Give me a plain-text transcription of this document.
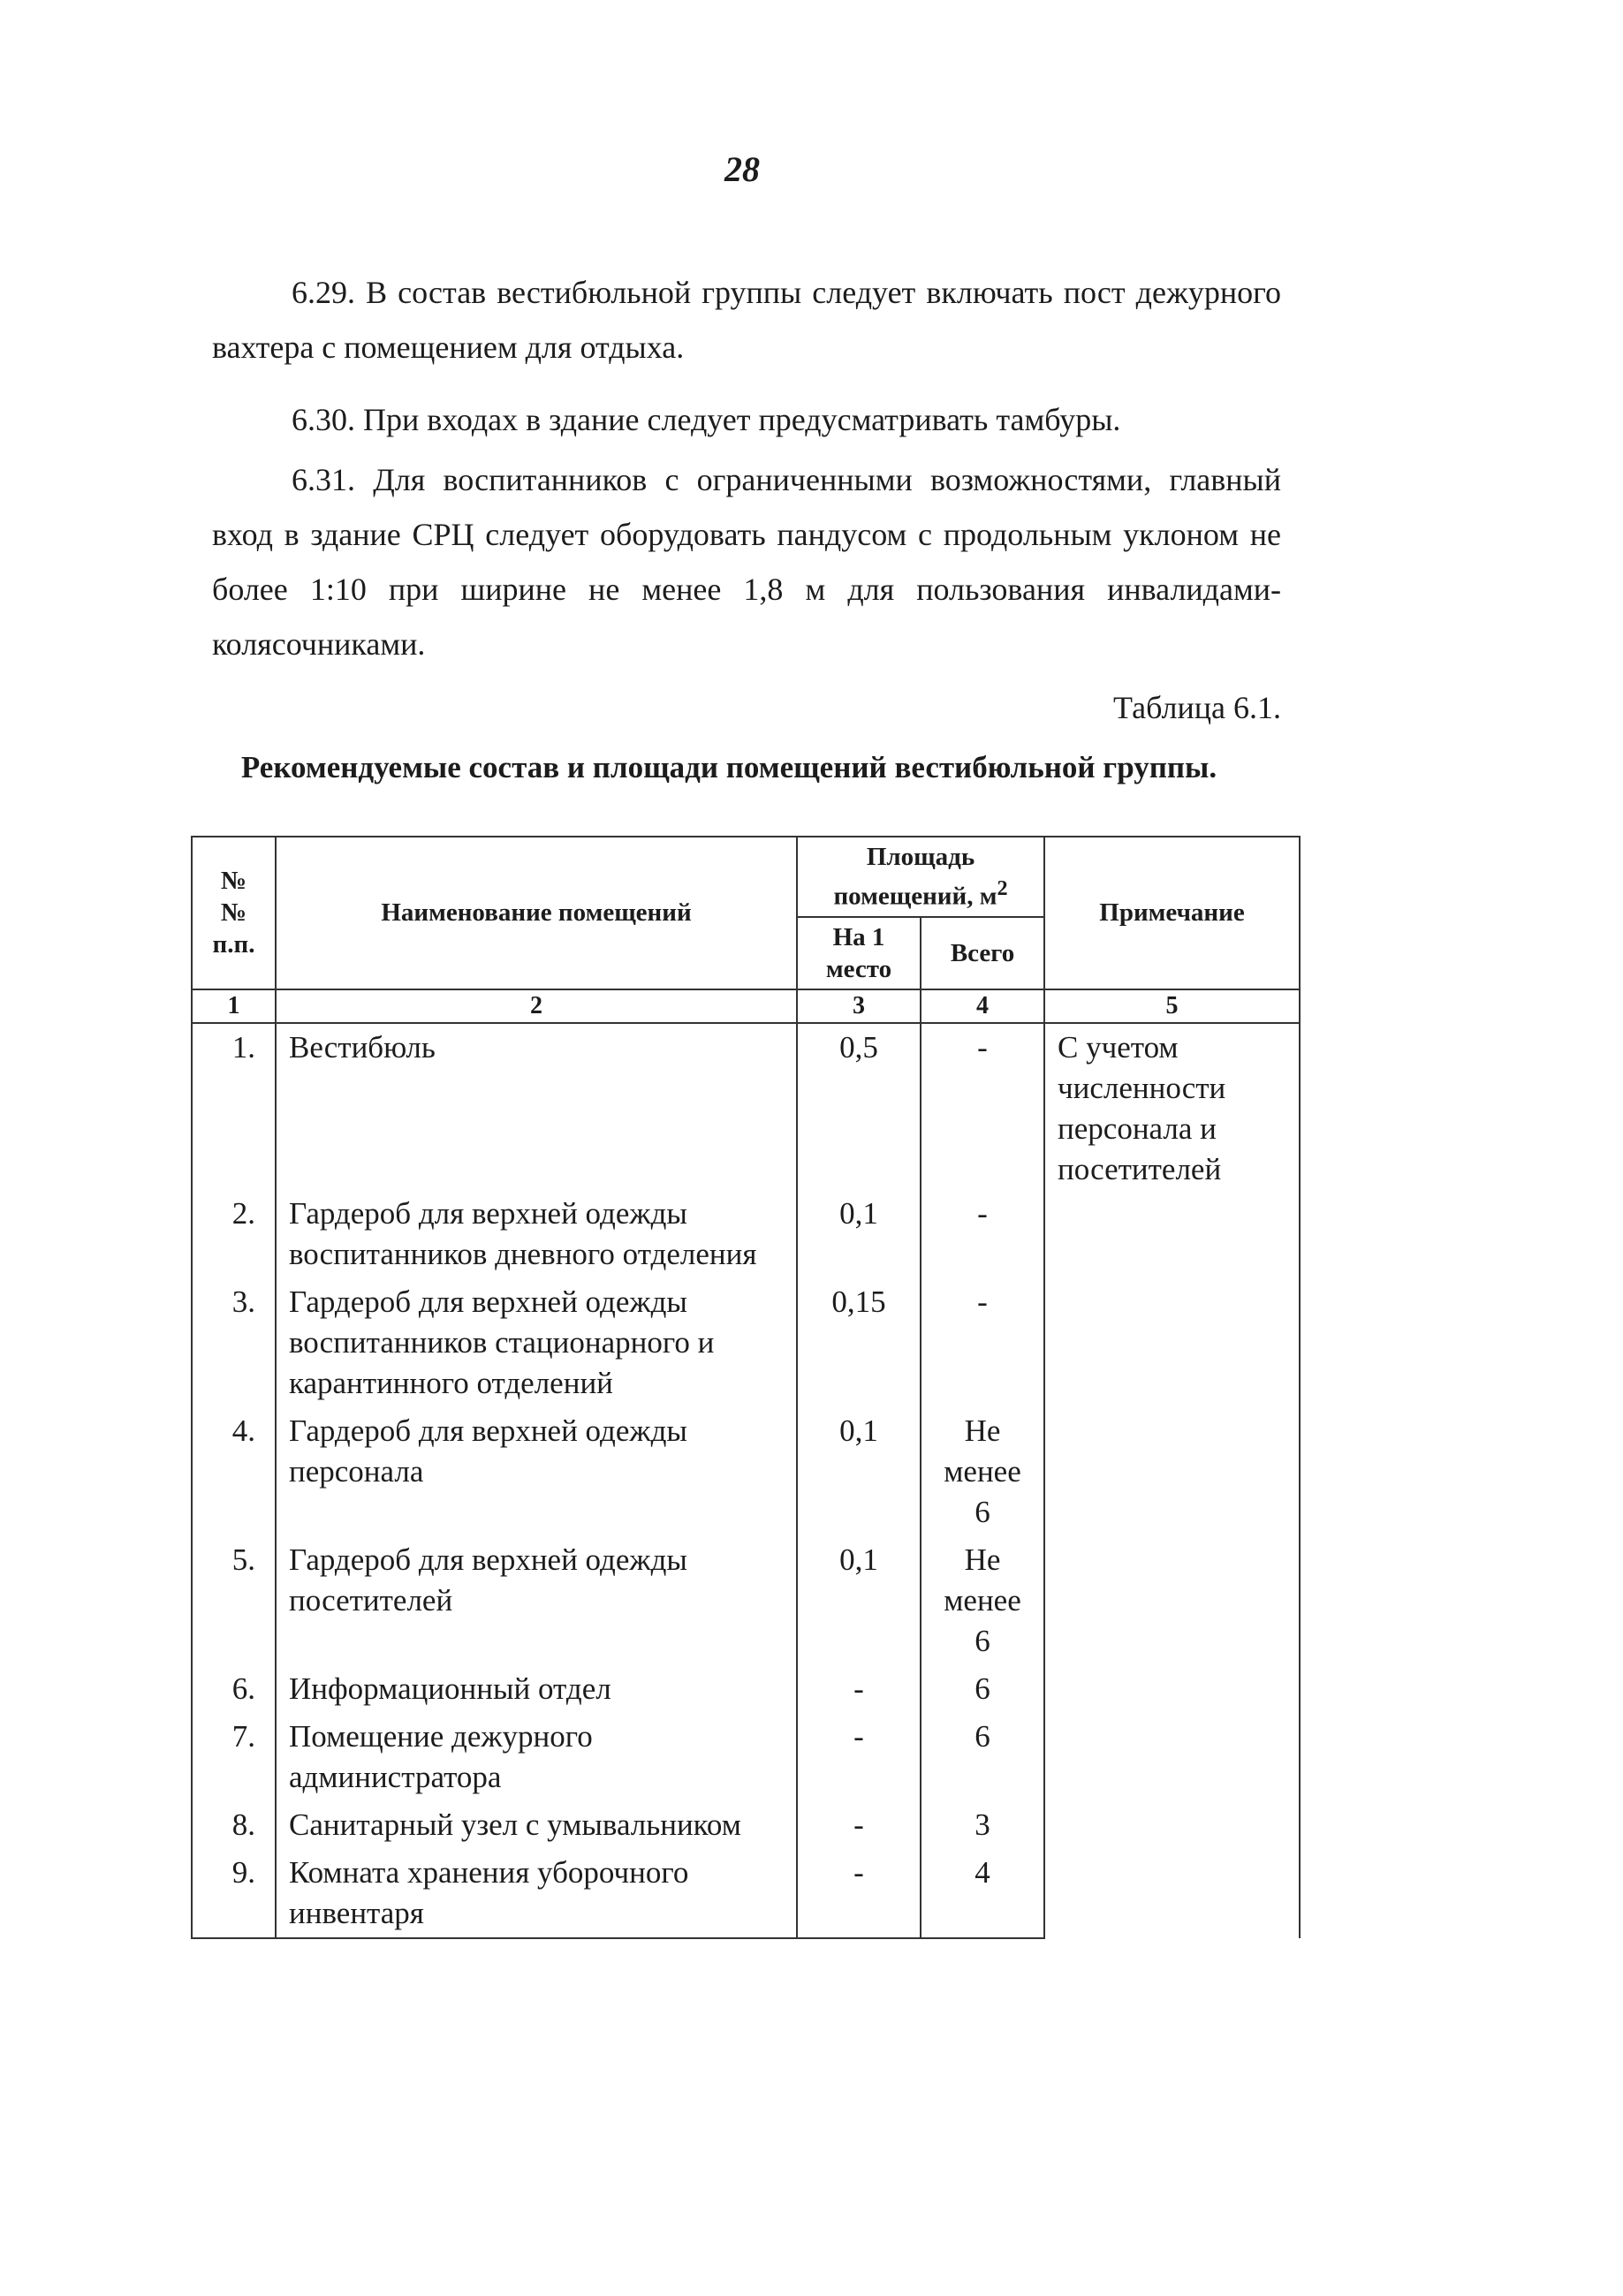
28
6.29. В состав вестибюльной группы следует включать пост дежурного вахтера с помещением для отдыха.
6.30. При входах в здание следует предусматривать тамбуры.
6.31. Для воспитанников с ограниченными возможностями, главный вход в здание СРЦ следует оборудовать пандусом с продольным уклоном не более 1:10 при ширине не менее 1,8 м для пользования инвалидами-колясочниками.
Таблица 6.1.
Рекомендуемые состав и площади помещений вестибюльной группы.
№ № п.п.	Наименование помещений	Площадь помещений, $м^2$		Примечание
		На 1 место	Всего	
1	2	3	4	5
1.	Вестибюль	0,5	-	С учетом численности персонала и посетителей
2.	Гардероб для верхней одежды воспитанников дневного отделения	0,1	-	
3.	Гардероб для верхней одежды воспитанников стационарного и карантинного отделений	0,15	-	
4.	Гардероб для верхней одежды персонала	0,1	Не менее 6	
5.	Гардероб для верхней одежды посетителей	0,1	Не менее 6	
6.	Информационный отдел	-	6	
7.	Помещение дежурного администратора	-	6	
8.	Санитарный узел с умывальником	-	3	
9.	Комната хранения уборочного инвентаря	-	4	
